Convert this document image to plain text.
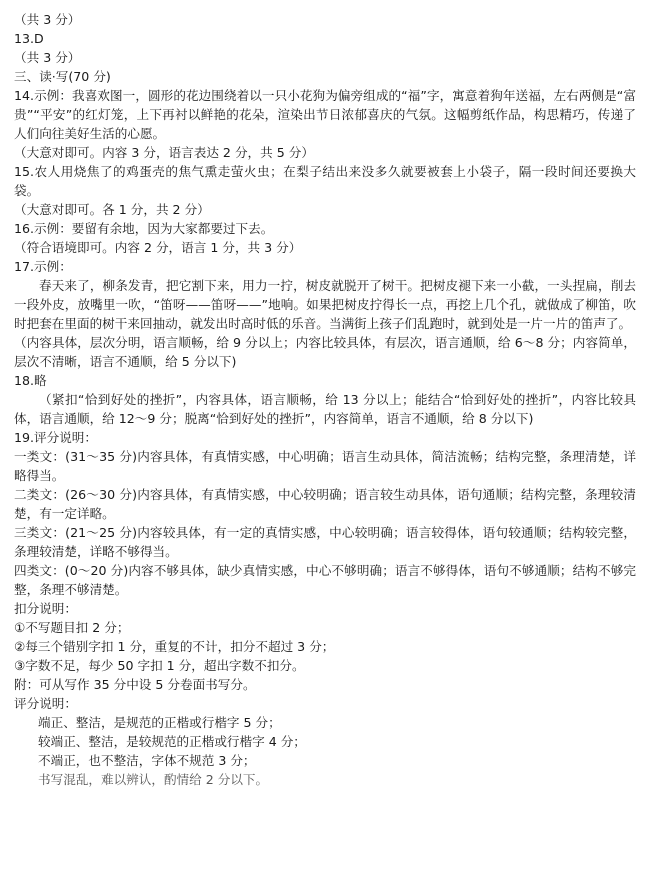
（共 3 分）
13.D
（共 3 分）
三、读·写(70 分)
14.示例：我喜欢图一，圆形的花边围绕着以一只小花狗为偏旁组成的“福”字，寓意着狗年送福，左右两侧是“富贵”“平安”的红灯笼，上下再衬以鲜艳的花朵，渲染出节日浓郁喜庆的气氛。这幅剪纸作品，构思精巧，传递了人们向往美好生活的心愿。
（大意对即可。内容 3 分，语言表达 2 分，共 5 分）
15.农人用烧焦了的鸡蛋壳的焦气熏走萤火虫；在梨子结出来没多久就要被套上小袋子，隔一段时间还要换大袋。
（大意对即可。各 1 分，共 2 分）
16.示例：要留有余地，因为大家都要过下去。
（符合语境即可。内容 2 分，语言 1 分，共 3 分）
17.示例：
春天来了，柳条发青，把它割下来，用力一拧，树皮就脱开了树干。把树皮褪下来一小截，一头捏扁，削去一段外皮，放嘴里一吹，“笛呀——笛呀——”地响。如果把树皮拧得长一点，再挖上几个孔，就做成了柳笛，吹时把套在里面的树干来回抽动，就发出时高时低的乐音。当满街上孩子们乱跑时，就到处是一片一片的笛声了。
（内容具体，层次分明，语言顺畅，给 9 分以上；内容比较具体，有层次，语言通顺，给 6～8 分；内容简单，层次不清晰，语言不通顺，给 5 分以下)
18.略
（紧扣“恰到好处的挫折”，内容具体，语言顺畅，给 13 分以上；能结合“恰到好处的挫折”，内容比较具体，语言通顺，给 12～9 分；脱离“恰到好处的挫折”，内容简单，语言不通顺，给 8 分以下)
19.评分说明：
一类文：(31～35 分)内容具体，有真情实感，中心明确；语言生动具体，简洁流畅；结构完整，条理清楚，详略得当。
二类文：(26～30 分)内容具体，有真情实感，中心较明确；语言较生动具体，语句通顺；结构完整，条理较清楚，有一定详略。
三类文：(21～25 分)内容较具体，有一定的真情实感，中心较明确；语言较得体，语句较通顺；结构较完整，条理较清楚，详略不够得当。
四类文：(0～20 分)内容不够具体，缺少真情实感，中心不够明确；语言不够得体，语句不够通顺；结构不够完整，条理不够清楚。
扣分说明：
①不写题目扣 2 分；
②每三个错别字扣 1 分，重复的不计，扣分不超过 3 分；
③字数不足，每少 50 字扣 1 分，超出字数不扣分。
附：可从写作 35 分中设 5 分卷面书写分。
评分说明：
端正、整洁，是规范的正楷或行楷字 5 分；
较端正、整洁，是较规范的正楷或行楷字 4 分；
不端正，也不整洁，字体不规范 3 分；
书写混乱，难以辨认，酌情给 2 分以下。
